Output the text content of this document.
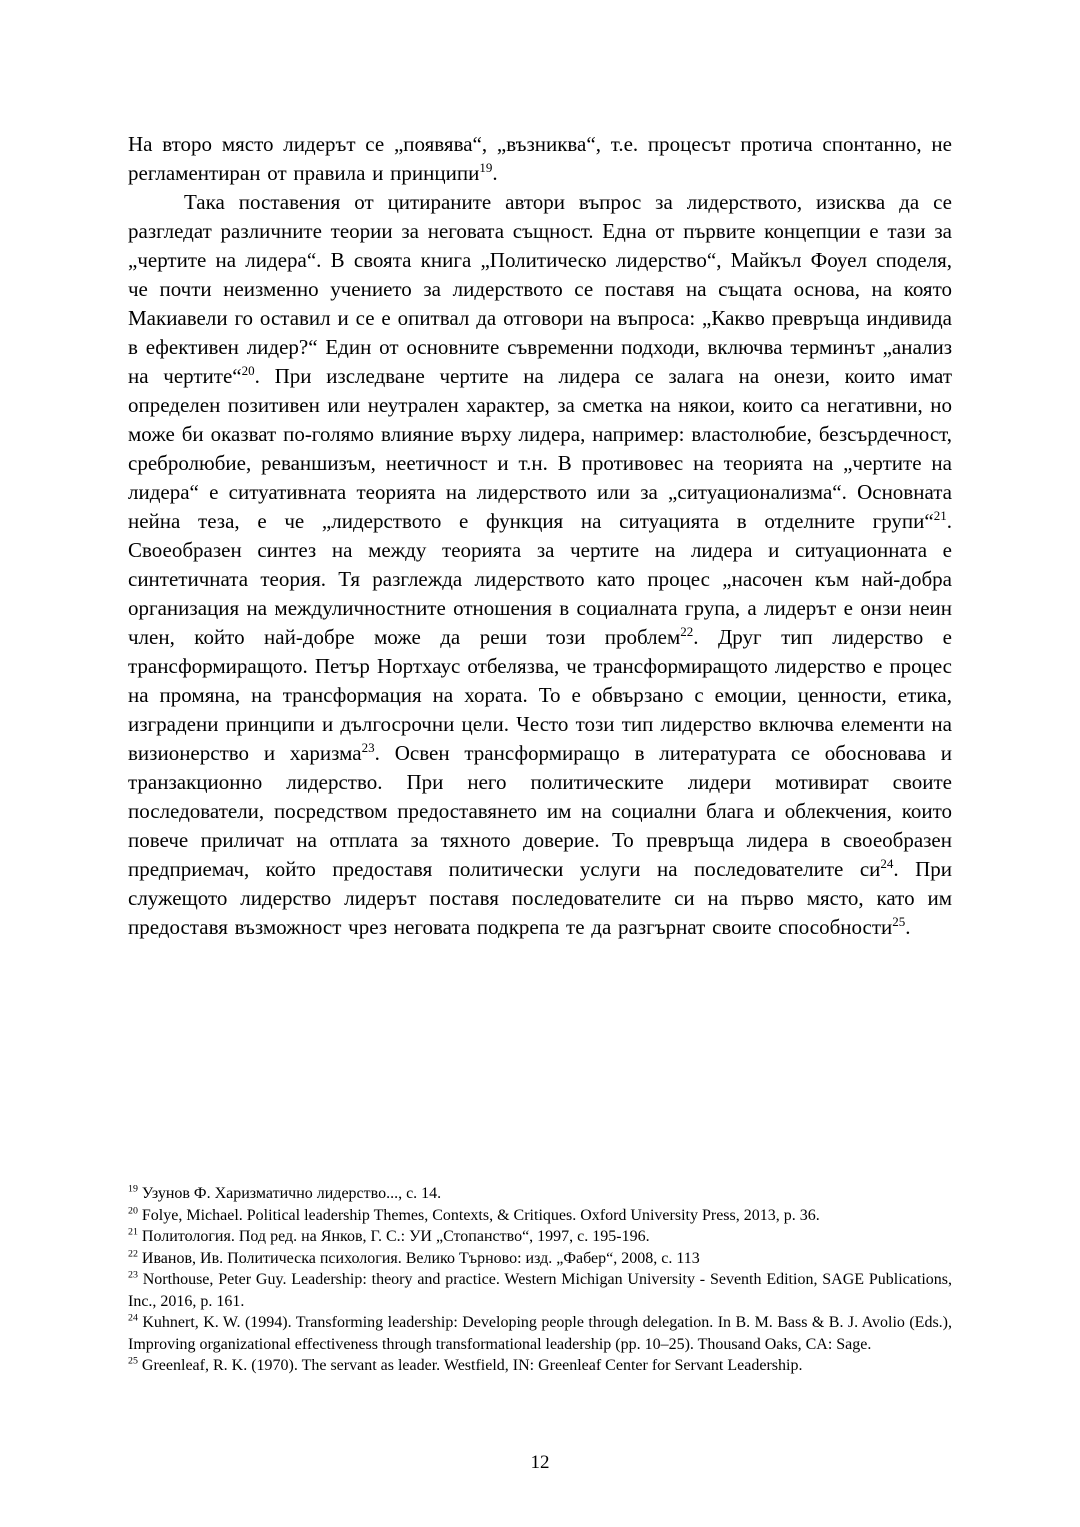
На второ място лидерът се „появява“, „възниква“, т.е. процесът протича спонтанно, не регламентиран от правила и принципи$^{19}$.

Така поставения от цитираните автори въпрос за лидерството, изисква да се разгледат различните теории за неговата същност. Една от първите концепции е тази за „чертите на лидера“. В своята книга „Политическо лидерство“, Майкъл Фоуел споделя, че почти неизменно учението за лидерството се поставя на същата основа, на която Макиавели го оставил и се е опитвал да отговори на въпроса: „Какво превръща индивида в ефективен лидер?“ Един от основните съвременни подходи, включва терминът „анализ на чертите“$^{20}$. При изследване чертите на лидера се залага на онези, които имат определен позитивен или неутрален характер, за сметка на някои, които са негативни, но може би оказват по-голямо влияние върху лидера, например: властолюбие, безсърдечност, сребролюбие, реваншизъм, неетичност и т.н. В противовес на теорията на „чертите на лидера“ е ситуативната теорията на лидерството или за „ситуационализма“. Основната нейна теза, е че „лидерството е функция на ситуацията в отделните групи“$^{21}$. Своеобразен синтез на между теорията за чертите на лидера и ситуационната е синтетичната теория. Тя разглежда лидерството като процес „насочен към най-добра организация на междуличностните отношения в социалната група, а лидерът е онзи неин член, който най-добре може да реши този проблем$^{22}$. Друг тип лидерство е трансформиращото. Петър Нортхаус отбелязва, че трансформиращото лидерство е процес на промяна, на трансформация на хората. То е обвързано с емоции, ценности, етика, изградени принципи и дългосрочни цели. Често този тип лидерство включва елементи на визионерство и харизма$^{23}$. Освен трансформиращо в литературата се обосновава и транзакционно лидерство. При него политическите лидери мотивират своите последователи, посредством предоставянето им на социални блага и облекчения, които повече приличат на отплата за тяхното доверие. То превръща лидера в своеобразен предприемач, който предоставя политически услуги на последователите $си^{24}$. При служещото лидерство лидерът поставя последователите си на първо място, като им предоставя възможност чрез неговата подкрепа те да разгърнат своите способности$^{25}$.

$^{19}$ Узунов Ф. Харизматично лидерство..., с. 14.

$^{20}$ Folye, Michael. Political leadership Themes, Contexts, & Critiques. Oxford University Press, 2013, p. 36.

$^{21}$ Политология. Под ред. на Янков, Г. С.: УИ „Стопанство“, 1997, с. 195-196.

$^{22}$ Иванов, Ив. Политическа психология. Велико Търново: изд. „Фабер“, 2008, с. 113

$^{23}$ Northouse, Peter Guy. Leadership: theory and practice. Western Michigan University - Seventh Edition, SAGE Publications, Inc., 2016, p. 161.

$^{24}$ Kuhnert, K. W. (1994). Transforming leadership: Developing people through delegation. In B. M. Bass & B. J. Avolio (Eds.), Improving organizational effectiveness through transformational leadership (pp. 10–25). Thousand Oaks, CA: Sage.

$^{25}$ Greenleaf, R. K. (1970). The servant as leader. Westfield, IN: Greenleaf Center for Servant Leadership.

12
